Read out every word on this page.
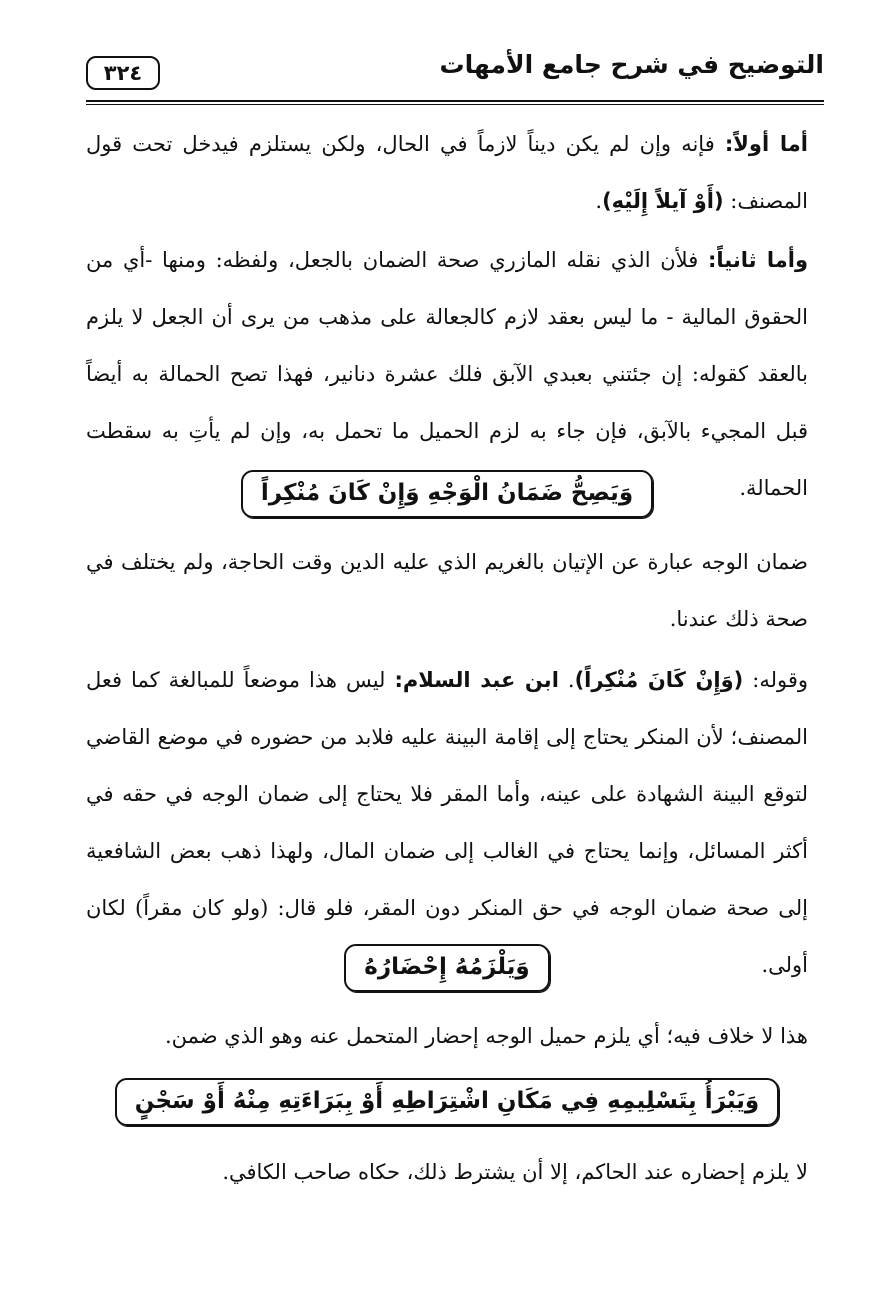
٣٢٤	التوضيح في شرح جامع الأمهات
أما أولاً: فإنه وإن لم يكن ديناً لازماً في الحال، ولكن يستلزم فيدخل تحت قول المصنف: (أَوْ آيلاً إِلَيْهِ).
وأما ثانياً: فلأن الذي نقله المازري صحة الضمان بالجعل، ولفظه: ومنها -أي من الحقوق المالية - ما ليس بعقد لازم كالجعالة على مذهب من يرى أن الجعل لا يلزم بالعقد كقوله: إن جئتني بعبدي الآبق فلك عشرة دنانير، فهذا تصح الحمالة به أيضاً قبل المجيء بالآبق، فإن جاء به لزم الحميل ما تحمل به، وإن لم يأتِ به سقطت الحمالة.
وَيَصِحُّ ضَمَانُ الْوَجْهِ وَإِنْ كَانَ مُنْكِراً
ضمان الوجه عبارة عن الإتيان بالغريم الذي عليه الدين وقت الحاجة، ولم يختلف في صحة ذلك عندنا.
وقوله: (وَإِنْ كَانَ مُنْكِراً). ابن عبد السلام: ليس هذا موضعاً للمبالغة كما فعل المصنف؛ لأن المنكر يحتاج إلى إقامة البينة عليه فلابد من حضوره في موضع القاضي لتوقع البينة الشهادة على عينه، وأما المقر فلا يحتاج إلى ضمان الوجه في حقه في أكثر المسائل، وإنما يحتاج في الغالب إلى ضمان المال، ولهذا ذهب بعض الشافعية إلى صحة ضمان الوجه في حق المنكر دون المقر، فلو قال: (ولو كان مقراً) لكان أولى.
وَيَلْزَمُهُ إِحْضَارُهُ
هذا لا خلاف فيه؛ أي يلزم حميل الوجه إحضار المتحمل عنه وهو الذي ضمن.
وَيَبْرَأُ بِتَسْلِيمِهِ فِي مَكَانِ اشْتِرَاطِهِ أَوْ بِبَرَاءَتِهِ مِنْهُ أَوْ سَجْنٍ
لا يلزم إحضاره عند الحاكم، إلا أن يشترط ذلك، حكاه صاحب الكافي.
